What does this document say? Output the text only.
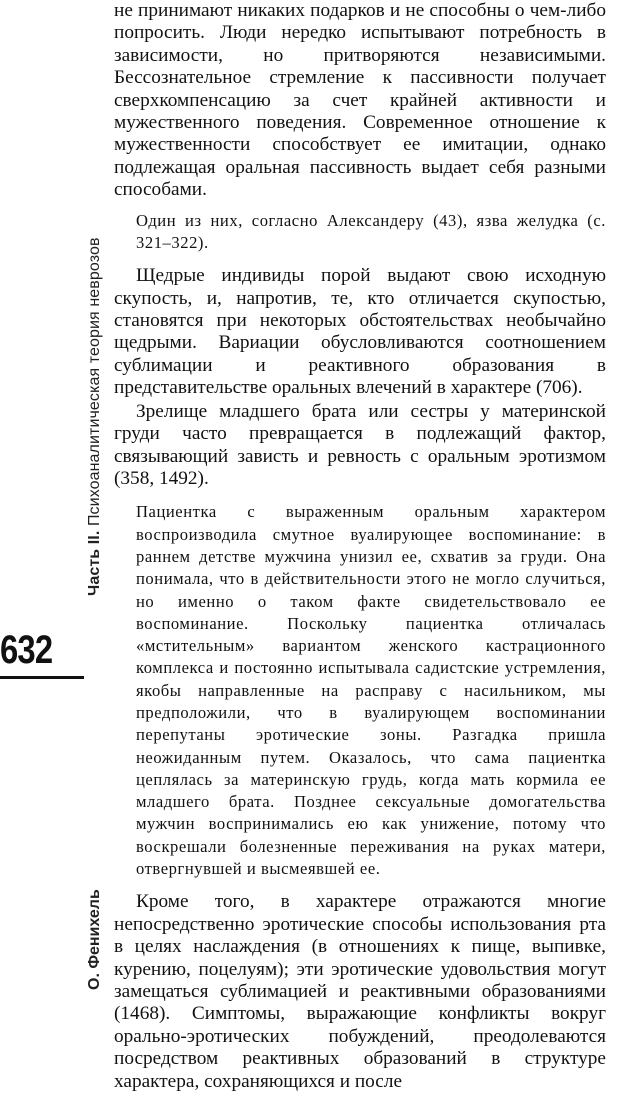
Часть II. Психоаналитическая теория неврозов
632
О. Фенихель

не принимают никаких подарков и не способны о чем-либо попросить. Люди нередко испытывают потребность в зависимости, но притворяются независимыми. Бессознательное стремление к пассивности получает сверхкомпенсацию за счет крайней активности и мужественного поведения. Современное отношение к мужественности способствует ее имитации, однако подлежащая оральная пассивность выдает себя разными способами.

Один из них, согласно Александеру (43), язва желудка (с. 321–322).

Щедрые индивиды порой выдают свою исходную скупость, и, напротив, те, кто отличается скупостью, становятся при некоторых обстоятельствах необычайно щедрыми. Вариации обусловливаются соотношением сублимации и реактивного образования в представительстве оральных влечений в характере (706).

Зрелище младшего брата или сестры у материнской груди часто превращается в подлежащий фактор, связывающий зависть и ревность с оральным эротизмом (358, 1492).

Пациентка с выраженным оральным характером воспроизводила смутное вуалирующее воспоминание: в раннем детстве мужчина унизил ее, схватив за груди. Она понимала, что в действительности этого не могло случиться, но именно о таком факте свидетельствовало ее воспоминание. Поскольку пациентка отличалась «мстительным» вариантом женского кастрационного комплекса и постоянно испытывала садистские устремления, якобы направленные на расправу с насильником, мы предположили, что в вуалирующем воспоминании перепутаны эротические зоны. Разгадка пришла неожиданным путем. Оказалось, что сама пациентка цеплялась за материнскую грудь, когда мать кормила ее младшего брата. Позднее сексуальные домогательства мужчин воспринимались ею как унижение, потому что воскрешали болезненные переживания на руках матери, отвергнувшей и высмеявшей ее.

Кроме того, в характере отражаются многие непосредственно эротические способы использования рта в целях наслаждения (в отношениях к пище, выпивке, курению, поцелуям); эти эротические удовольствия могут замещаться сублимацией и реактивными образованиями (1468). Симптомы, выражающие конфликты вокруг орально-эротических побуждений, преодолеваются посредством реактивных образований в структуре характера, сохраняющихся и после
